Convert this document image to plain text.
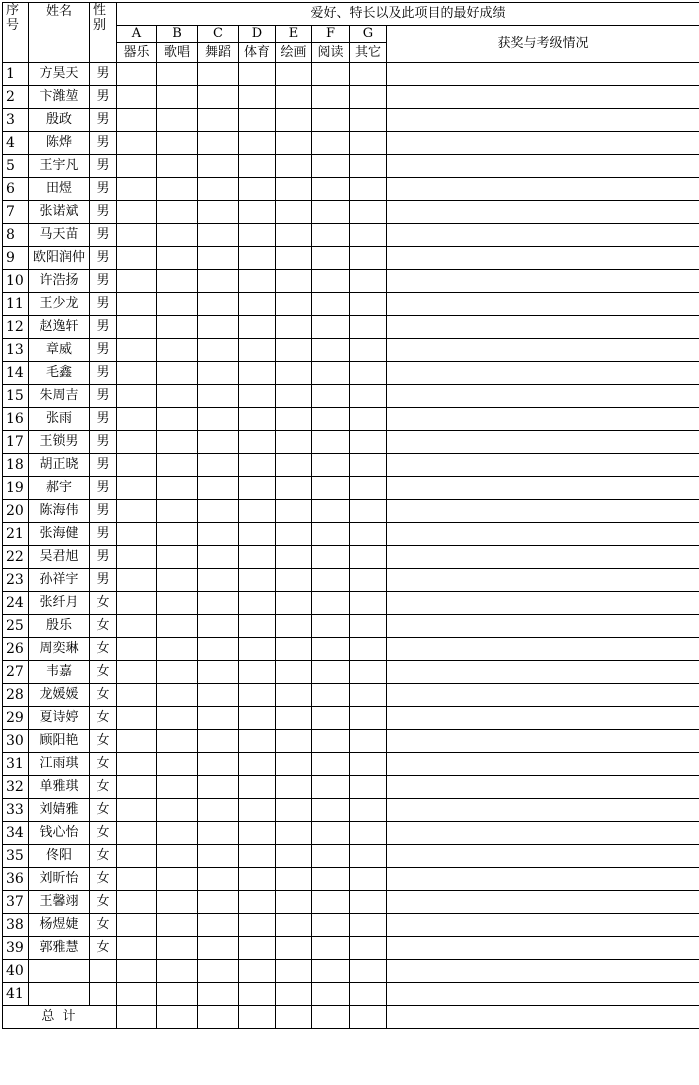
序号	姓名	性别	爱好、特长以及此项目的最好成绩							
			A	B	C	D	E	F	G	获奖与考级情况
			器乐	歌唱	舞蹈	体育	绘画	阅读	其它	
1	方昊天	男								
2	卞潍堃	男								
3	殷政	男								
4	陈烨	男								
5	王宇凡	男								
6	田煜	男								
7	张诺斌	男								
8	马天苗	男								
9	欧阳润仲	男								
10	许浩扬	男								
11	王少龙	男								
12	赵逸轩	男								
13	章威	男								
14	毛鑫	男								
15	朱周吉	男								
16	张雨	男								
17	王锁男	男								
18	胡正晓	男								
19	郝宇	男								
20	陈海伟	男								
21	张海健	男								
22	吴君旭	男								
23	孙祥宇	男								
24	张纤月	女								
25	殷乐	女								
26	周奕琳	女								
27	韦嘉	女								
28	龙媛媛	女								
29	夏诗婷	女								
30	顾阳艳	女								
31	江雨琪	女								
32	单雅琪	女								
33	刘婧雅	女								
34	钱心怡	女								
35	佟阳	女								
36	刘昕怡	女								
37	王馨翊	女								
38	杨煜婕	女								
39	郭雅慧	女								
40										
41										
总 计										
